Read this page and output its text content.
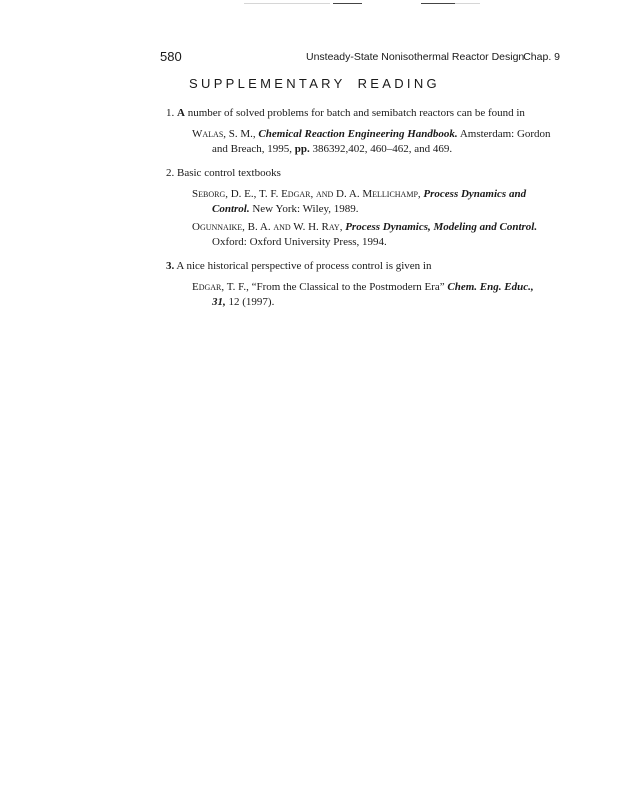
580	Unsteady-State Nonisothermal Reactor Design
Chap. 9
SUPPLEMENTARY READING
1. A number of solved problems for batch and semibatch reactors can be found in
Walas, S. M., Chemical Reaction Engineering Handbook. Amsterdam: Gordon
and Breach, 1995, pp. 386392,402, 460–462, and 469.
2. Basic control textbooks
Seborg, D. E., T. F. Edgar, and D. A. Mellichamp, Process Dynamics and
Control. New York: Wiley, 1989.
Ogunnaike, B. A. and W. H. Ray, Process Dynamics, Modeling and Control.
Oxford: Oxford University Press, 1994.
3. A nice historical perspective of process control is given in
Edgar, T. F., “From the Classical to the Postmodern Era” Chem. Eng. Educ.,
31, 12 (1997).
